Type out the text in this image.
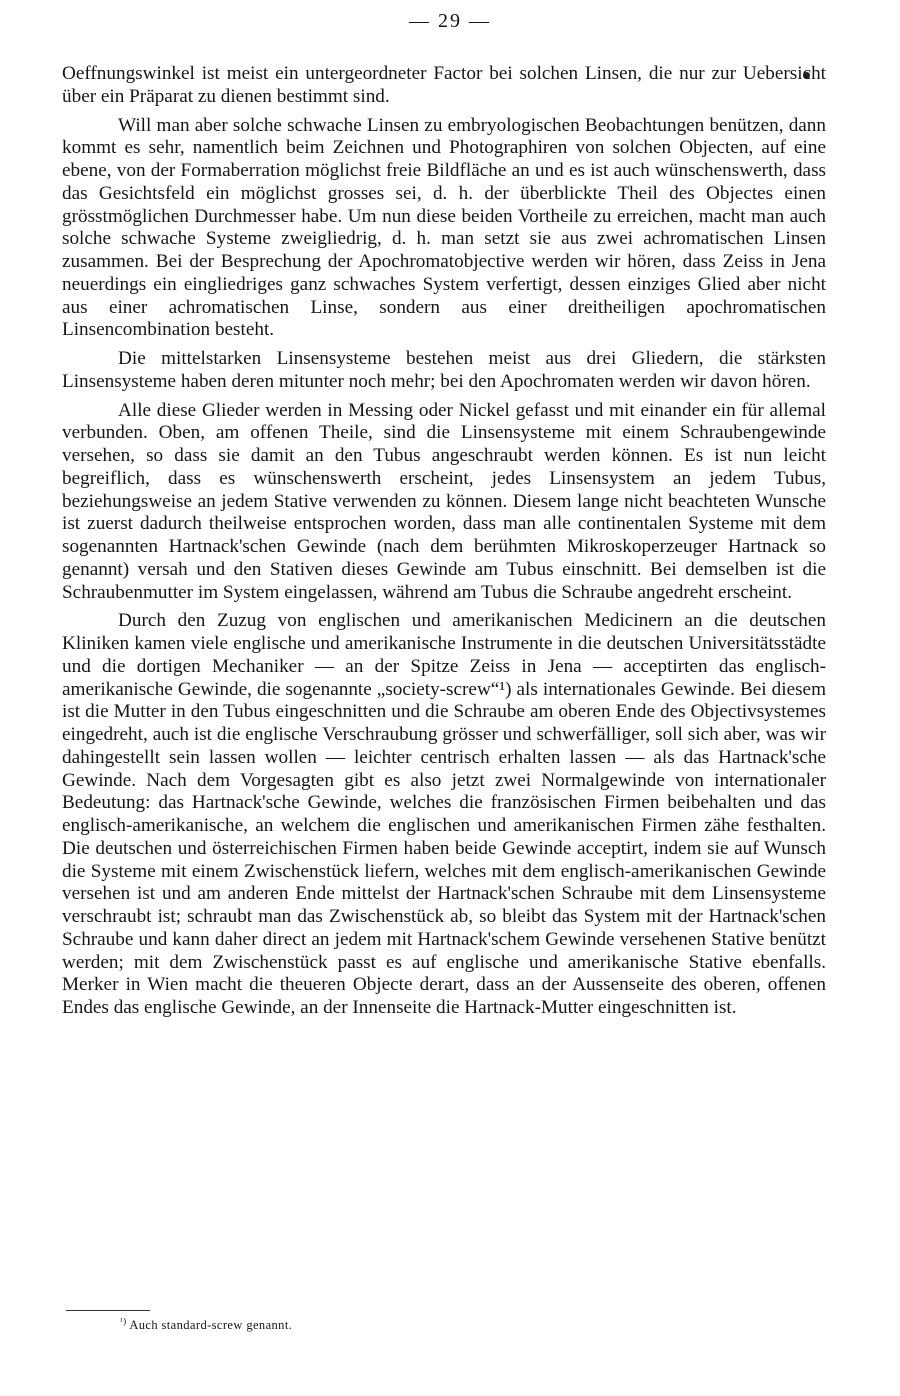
— 29 —

Oeffnungswinkel ist meist ein untergeordneter Factor bei solchen Linsen, die nur zur Uebersicht über ein Präparat zu dienen bestimmt sind.

Will man aber solche schwache Linsen zu embryologischen Beobachtungen benützen, dann kommt es sehr, namentlich beim Zeichnen und Photographiren von solchen Objecten, auf eine ebene, von der Formaberration möglichst freie Bildfläche an und es ist auch wünschenswerth, dass das Gesichtsfeld ein möglichst grosses sei, d. h. der überblickte Theil des Objectes einen grösstmöglichen Durchmesser habe. Um nun diese beiden Vortheile zu erreichen, macht man auch solche schwache Systeme zweigliedrig, d. h. man setzt sie aus zwei achromatischen Linsen zusammen. Bei der Besprechung der Apochromatobjective werden wir hören, dass Zeiss in Jena neuerdings ein eingliedriges ganz schwaches System verfertigt, dessen einziges Glied aber nicht aus einer achromatischen Linse, sondern aus einer dreitheiligen apochromatischen Linsencombination besteht.

Die mittelstarken Linsensysteme bestehen meist aus drei Gliedern, die stärksten Linsensysteme haben deren mitunter noch mehr; bei den Apochromaten werden wir davon hören.

Alle diese Glieder werden in Messing oder Nickel gefasst und mit einander ein für allemal verbunden. Oben, am offenen Theile, sind die Linsensysteme mit einem Schraubengewinde versehen, so dass sie damit an den Tubus angeschraubt werden können. Es ist nun leicht begreiflich, dass es wünschenswerth erscheint, jedes Linsensystem an jedem Tubus, beziehungsweise an jedem Stative verwenden zu können. Diesem lange nicht beachteten Wunsche ist zuerst dadurch theilweise entsprochen worden, dass man alle continentalen Systeme mit dem sogenannten Hartnack'schen Gewinde (nach dem berühmten Mikroskoperzeuger Hartnack so genannt) versah und den Stativen dieses Gewinde am Tubus einschnitt. Bei demselben ist die Schraubenmutter im System eingelassen, während am Tubus die Schraube angedreht erscheint.

Durch den Zuzug von englischen und amerikanischen Medicinern an die deutschen Kliniken kamen viele englische und amerikanische Instrumente in die deutschen Universitätsstädte und die dortigen Mechaniker — an der Spitze Zeiss in Jena — acceptirten das englisch-amerikanische Gewinde, die sogenannte „society-screw“¹) als internationales Gewinde. Bei diesem ist die Mutter in den Tubus eingeschnitten und die Schraube am oberen Ende des Objectivsystemes eingedreht, auch ist die englische Verschraubung grösser und schwerfälliger, soll sich aber, was wir dahingestellt sein lassen wollen — leichter centrisch erhalten lassen — als das Hartnack'sche Gewinde. Nach dem Vorgesagten gibt es also jetzt zwei Normalgewinde von internationaler Bedeutung: das Hartnack'sche Gewinde, welches die französischen Firmen beibehalten und das englisch-amerikanische, an welchem die englischen und amerikanischen Firmen zähe festhalten. Die deutschen und österreichischen Firmen haben beide Gewinde acceptirt, indem sie auf Wunsch die Systeme mit einem Zwischenstück liefern, welches mit dem englisch-amerikanischen Gewinde versehen ist und am anderen Ende mittelst der Hartnack'schen Schraube mit dem Linsensysteme verschraubt ist; schraubt man das Zwischenstück ab, so bleibt das System mit der Hartnack'schen Schraube und kann daher direct an jedem mit Hartnack'schem Gewinde versehenen Stative benützt werden; mit dem Zwischenstück passt es auf englische und amerikanische Stative ebenfalls. Merker in Wien macht die theueren Objecte derart, dass an der Aussenseite des oberen, offenen Endes das englische Gewinde, an der Innenseite die Hartnack-Mutter eingeschnitten ist.

$^{^1)}$ Auch standard-screw genannt.
